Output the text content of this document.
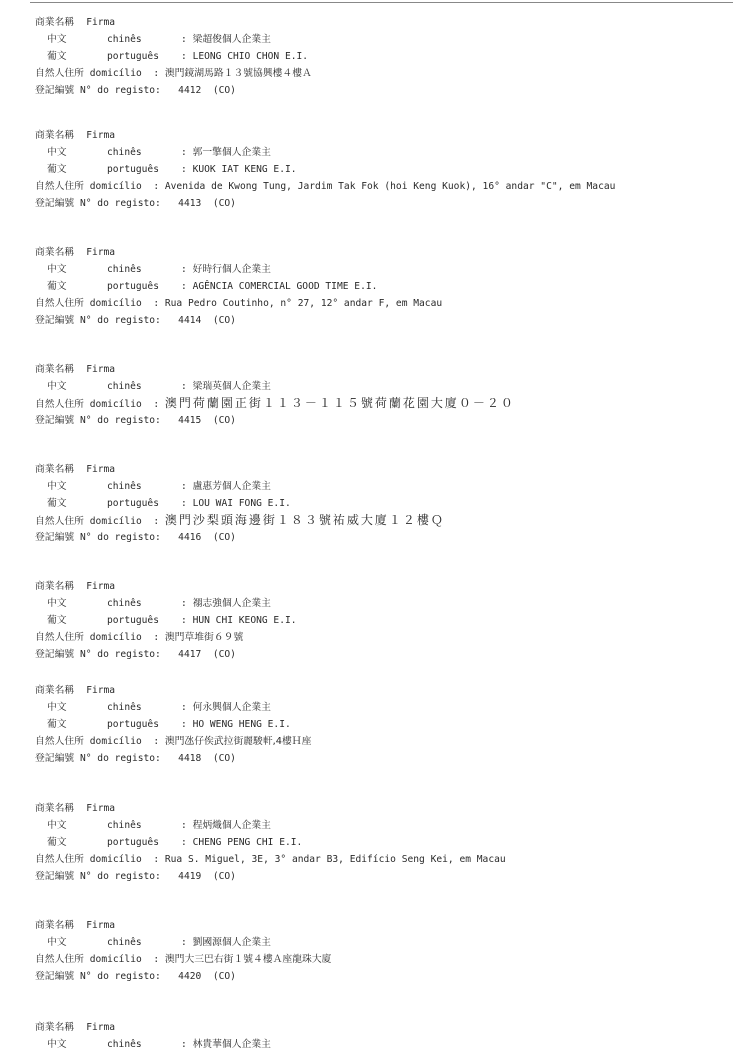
商業名稱 Firma
中文	chinês	: 梁超俊個人企業主
葡文	português : LEONG CHIO CHON E.I.
自然人住所 domicílio : 澳門鏡湖馬路１３號協興樓４樓Ａ
登記編號 N° do registo: 4412  (CO)
商業名稱 Firma
中文	chinês	: 郭一擎個人企業主
葡文	português : KUOK IAT KENG E.I.
自然人住所 domicílio : Avenida de Kwong Tung, Jardim Tak Fok (hoi Keng Kuok), 16° andar "C", em Macau
登記編號 N° do registo: 4413  (CO)
商業名稱 Firma
中文	chinês	: 好時行個人企業主
葡文	português : AGÊNCIA COMERCIAL GOOD TIME E.I.
自然人住所 domicílio : Rua Pedro Coutinho, n° 27, 12° andar F, em Macau
登記編號 N° do registo: 4414  (CO)
商業名稱 Firma
中文	chinês	: 梁瑞英個人企業主
自然人住所 domicílio : 澳門荷蘭園正街１１３－１１５號荷蘭花園大廈０－２０
登記編號 N° do registo: 4415  (CO)
商業名稱 Firma
中文	chinês	: 盧惠芳個人企業主
葡文	português : LOU WAI FONG E.I.
自然人住所 domicílio : 澳門沙梨頭海邊街１８３號祐威大廈１２樓Ｑ
登記編號 N° do registo: 4416  (CO)
商業名稱 Firma
中文	chinês	: 禤志強個人企業主
葡文	português : HUN CHI KEONG E.I.
自然人住所 domicílio : 澳門草堆街６９號
登記編號 N° do registo: 4417  (CO)
商業名稱 Firma
中文	chinês	: 何永興個人企業主
葡文	português : HO WENG HENG E.I.
自然人住所 domicílio : 澳門氹仔俟武拉街麗駿軒,4樓Ｈ座
登記編號 N° do registo: 4418  (CO)
商業名稱 Firma
中文	chinês	: 程炳熾個人企業主
葡文	português : CHENG PENG CHI E.I.
自然人住所 domicílio : Rua S. Miguel, 3E, 3° andar B3, Edifício Seng Kei, em Macau
登記編號 N° do registo: 4419  (CO)
商業名稱 Firma
中文	chinês	: 劉國源個人企業主
自然人住所 domicílio : 澳門大三巴右街１號４樓Ａ座龍珠大廈
登記編號 N° do registo: 4420  (CO)
商業名稱 Firma
中文	chinês	: 林貴華個人企業主
